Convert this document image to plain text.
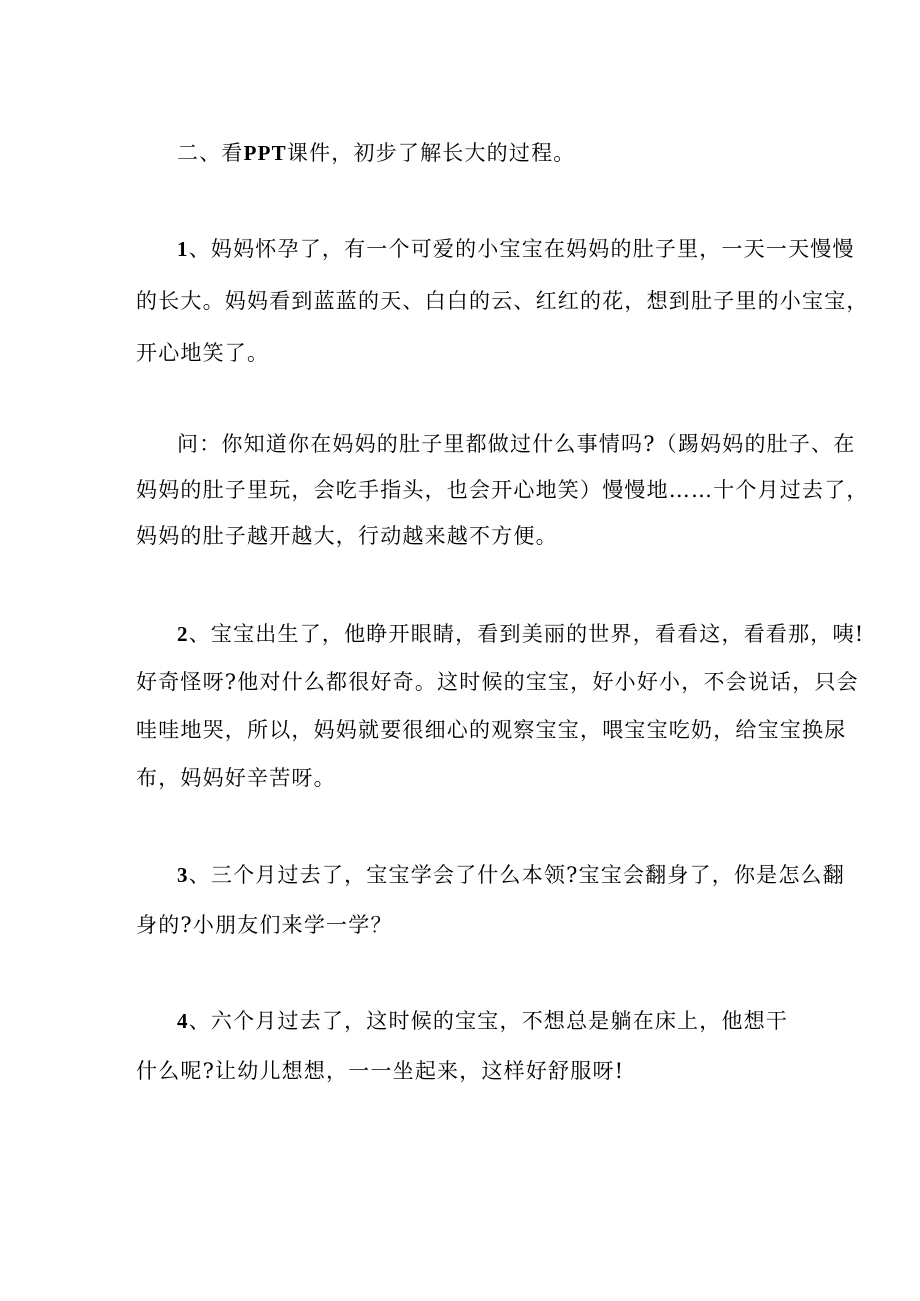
二、看PPT课件，初步了解长大的过程。
1、妈妈怀孕了，有一个可爱的小宝宝在妈妈的肚子里，一天一天慢慢
的长大。妈妈看到蓝蓝的天、白白的云、红红的花，想到肚子里的小宝宝，
开心地笑了。
问：你知道你在妈妈的肚子里都做过什么事情吗?（踢妈妈的肚子、在
妈妈的肚子里玩，会吃手指头，也会开心地笑）慢慢地……十个月过去了，
妈妈的肚子越开越大，行动越来越不方便。
2、宝宝出生了，他睁开眼睛，看到美丽的世界，看看这，看看那，咦!
好奇怪呀?他对什么都很好奇。这时候的宝宝，好小好小，不会说话，只会
哇哇地哭，所以，妈妈就要很细心的观察宝宝，喂宝宝吃奶，给宝宝换尿
布，妈妈好辛苦呀。
3、三个月过去了，宝宝学会了什么本领?宝宝会翻身了，你是怎么翻
身的?小朋友们来学一学？
4、六个月过去了，这时候的宝宝，不想总是躺在床上，他想干
什么呢?让幼儿想想，一一坐起来，这样好舒服呀!
